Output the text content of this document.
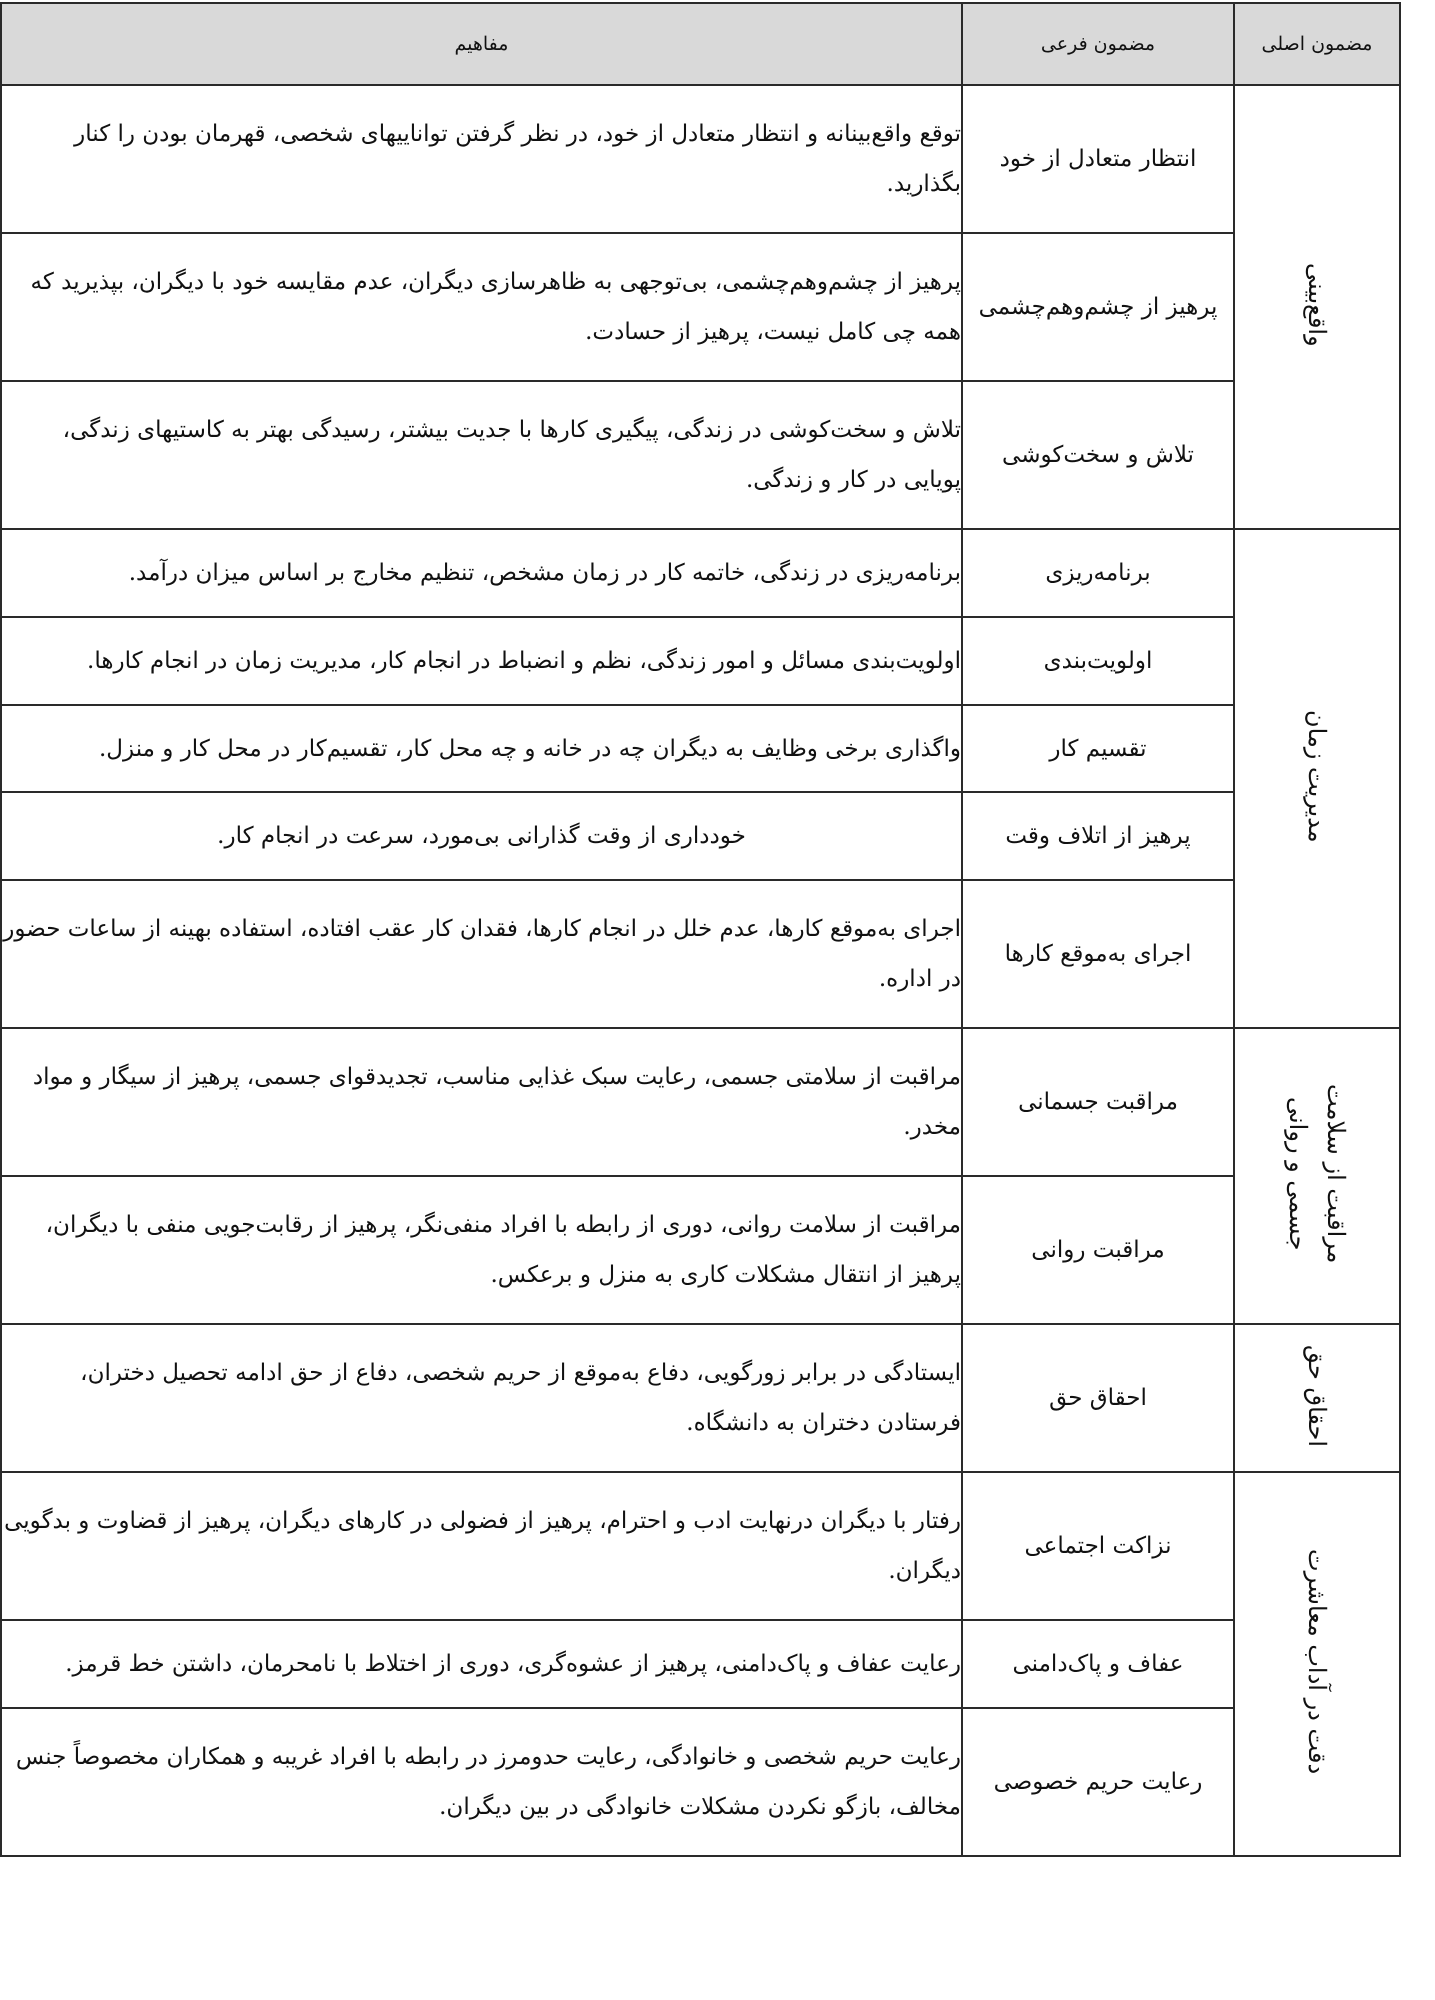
مضمون اصلی	مضمون فرعی	مفاهیم
واقع‌بینی	انتظار متعادل از خود	توقع واقع‌بینانه و انتظار متعادل از خود، در نظر گرفتن تواناییهای شخصی، قهرمان بودن را کنار بگذارید.
	پرهیز از چشم‌وهم‌چشمی	پرهیز از چشم‌وهم‌چشمی، بی‌توجهی به ظاهرسازی دیگران، عدم مقایسه خود با دیگران، بپذیرید که همه چی کامل نیست، پرهیز از حسادت.
	تلاش و سخت‌کوشی	تلاش و سخت‌کوشی در زندگی، پیگیری کارها با جدیت بیشتر، رسیدگی بهتر به کاستیهای زندگی، پویایی در کار و زندگی.
مدیریت زمان	برنامه‌ریزی	برنامه‌ریزی در زندگی، خاتمه کار در زمان مشخص، تنظیم مخارج بر اساس میزان درآمد.
	اولویت‌بندی	اولویت‌بندی مسائل و امور زندگی، نظم و انضباط در انجام کار، مدیریت زمان در انجام کارها.
	تقسیم کار	واگذاری برخی وظایف به دیگران چه در خانه و چه محل کار، تقسیم‌کار در محل کار و منزل.
	پرهیز از اتلاف وقت	خودداری از وقت گذارانی بی‌مورد، سرعت در انجام کار.
	اجرای به‌موقع کارها	اجرای به‌موقع کارها، عدم خلل در انجام کارها، فقدان کار عقب افتاده، استفاده بهینه از ساعات حضور در اداره.
مراقبت از سلامت جسمی و روانی	مراقبت جسمانی	مراقبت از سلامتی جسمی، رعایت سبک غذایی مناسب، تجدیدقوای جسمی، پرهیز از سیگار و مواد مخدر.
	مراقبت روانی	مراقبت از سلامت روانی، دوری از رابطه با افراد منفی‌نگر، پرهیز از رقابت‌جویی منفی با دیگران، پرهیز از انتقال مشکلات کاری به منزل و برعکس.
احقاق حق	احقاق حق	ایستادگی در برابر زورگویی، دفاع به‌موقع از حریم شخصی، دفاع از حق ادامه تحصیل دختران، فرستادن دختران به دانشگاه.
دقت در آداب معاشرت	نزاکت اجتماعی	رفتار با دیگران درنهایت ادب و احترام، پرهیز از فضولی در کارهای دیگران، پرهیز از قضاوت و بدگویی دیگران.
	عفاف و پاک‌دامنی	رعایت عفاف و پاک‌دامنی، پرهیز از عشوه‌گری، دوری از اختلاط با نامحرمان، داشتن خط قرمز.
	رعایت حریم خصوصی	رعایت حریم شخصی و خانوادگی، رعایت حدومرز در رابطه با افراد غریبه و همکاران مخصوصاً جنس مخالف، بازگو نکردن مشکلات خانوادگی در بین دیگران.
